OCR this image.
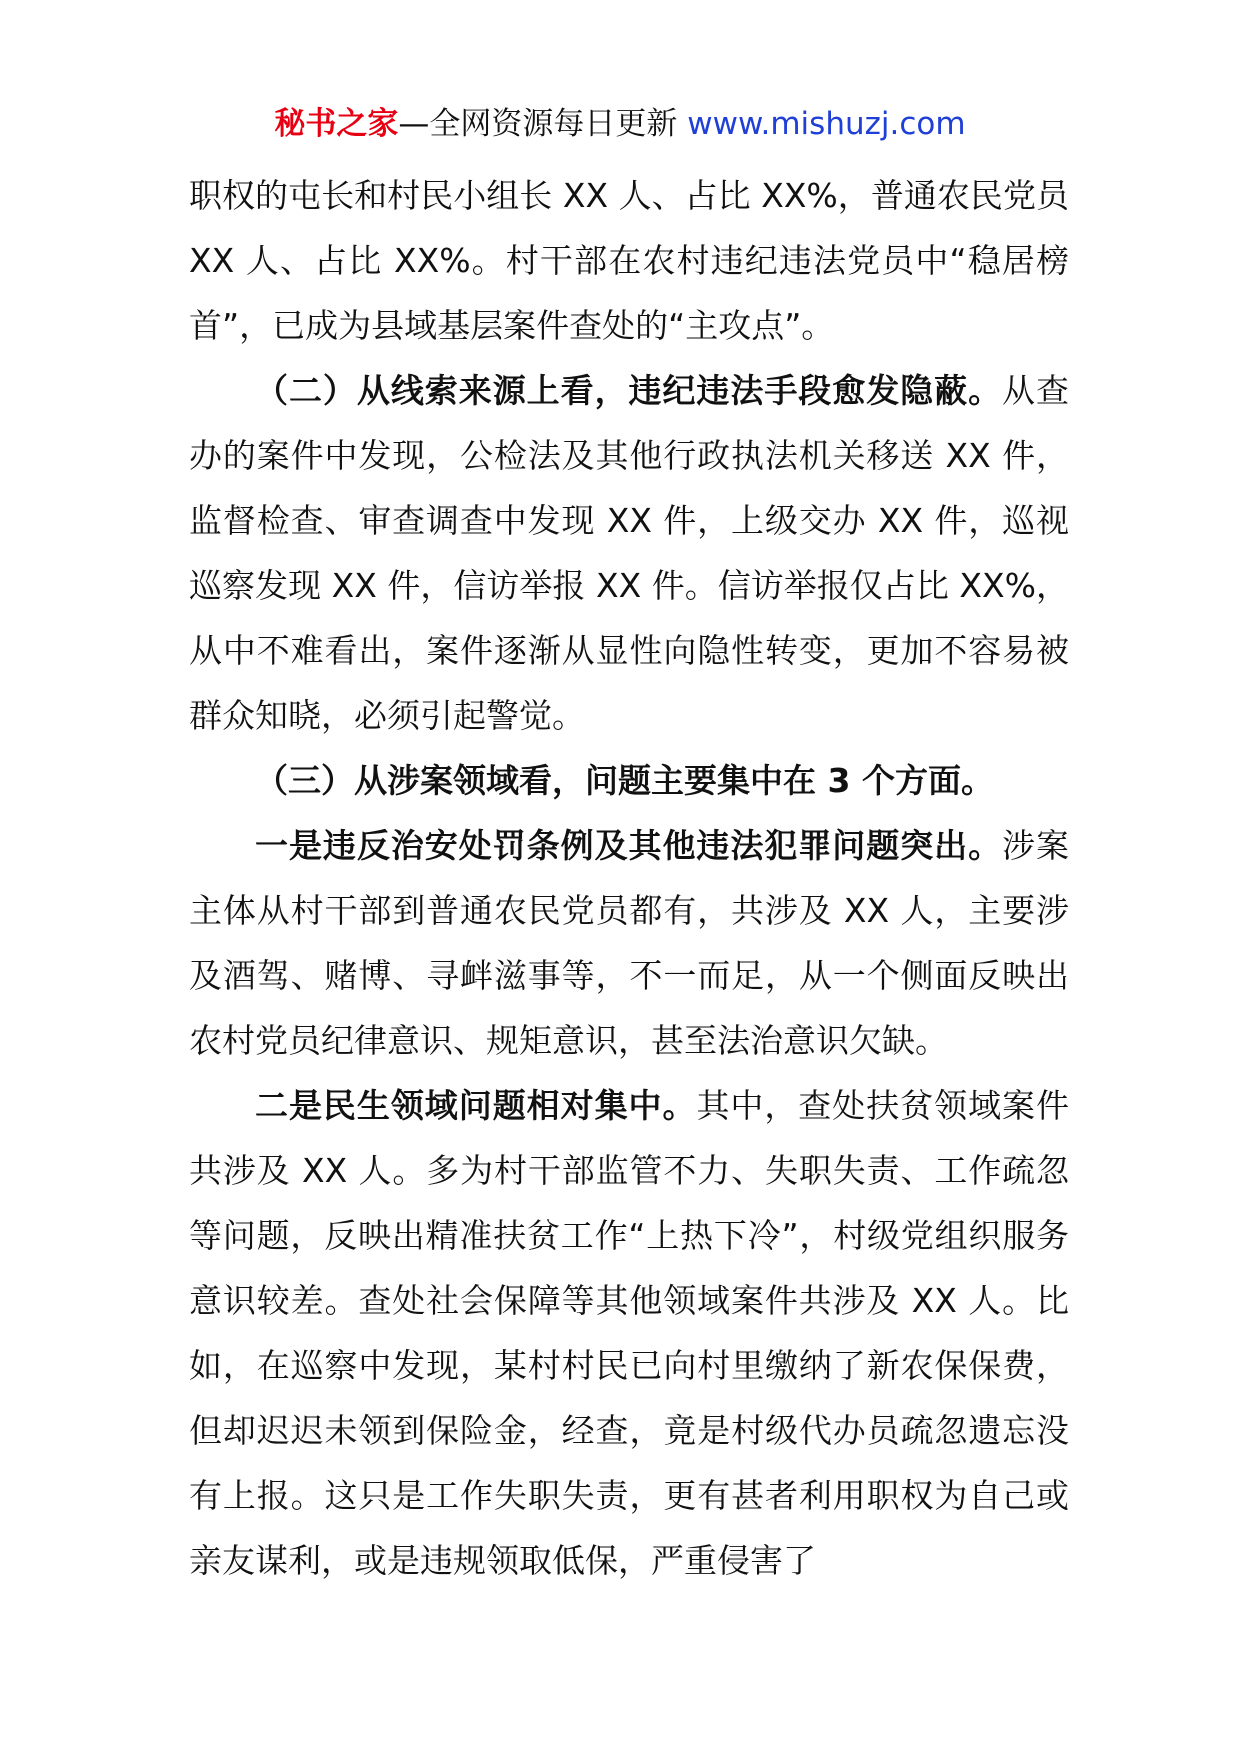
秘书之家—全网资源每日更新 www.mishuzj.com

职权的屯长和村民小组长 XX 人、占比 XX%，普通农民党员 XX 人、占比 XX%。村干部在农村违纪违法党员中“稳居榜首”，已成为县域基层案件查处的“主攻点”。

（二）从线索来源上看，违纪违法手段愈发隐蔽。从查办的案件中发现，公检法及其他行政执法机关移送 XX 件，监督检查、审查调查中发现 XX 件，上级交办 XX 件，巡视巡察发现 XX 件，信访举报 XX 件。信访举报仅占比 XX%，从中不难看出，案件逐渐从显性向隐性转变，更加不容易被群众知晓，必须引起警觉。

（三）从涉案领域看，问题主要集中在 3 个方面。

一是违反治安处罚条例及其他违法犯罪问题突出。涉案主体从村干部到普通农民党员都有，共涉及 XX 人，主要涉及酒驾、赌博、寻衅滋事等，不一而足，从一个侧面反映出农村党员纪律意识、规矩意识，甚至法治意识欠缺。

二是民生领域问题相对集中。其中，查处扶贫领域案件共涉及 XX 人。多为村干部监管不力、失职失责、工作疏忽等问题，反映出精准扶贫工作“上热下冷”，村级党组织服务意识较差。查处社会保障等其他领域案件共涉及 XX 人。比如，在巡察中发现，某村村民已向村里缴纳了新农保保费，但却迟迟未领到保险金，经查，竟是村级代办员疏忽遗忘没有上报。这只是工作失职失责，更有甚者利用职权为自己或亲友谋利，或是违规领取低保，严重侵害了
